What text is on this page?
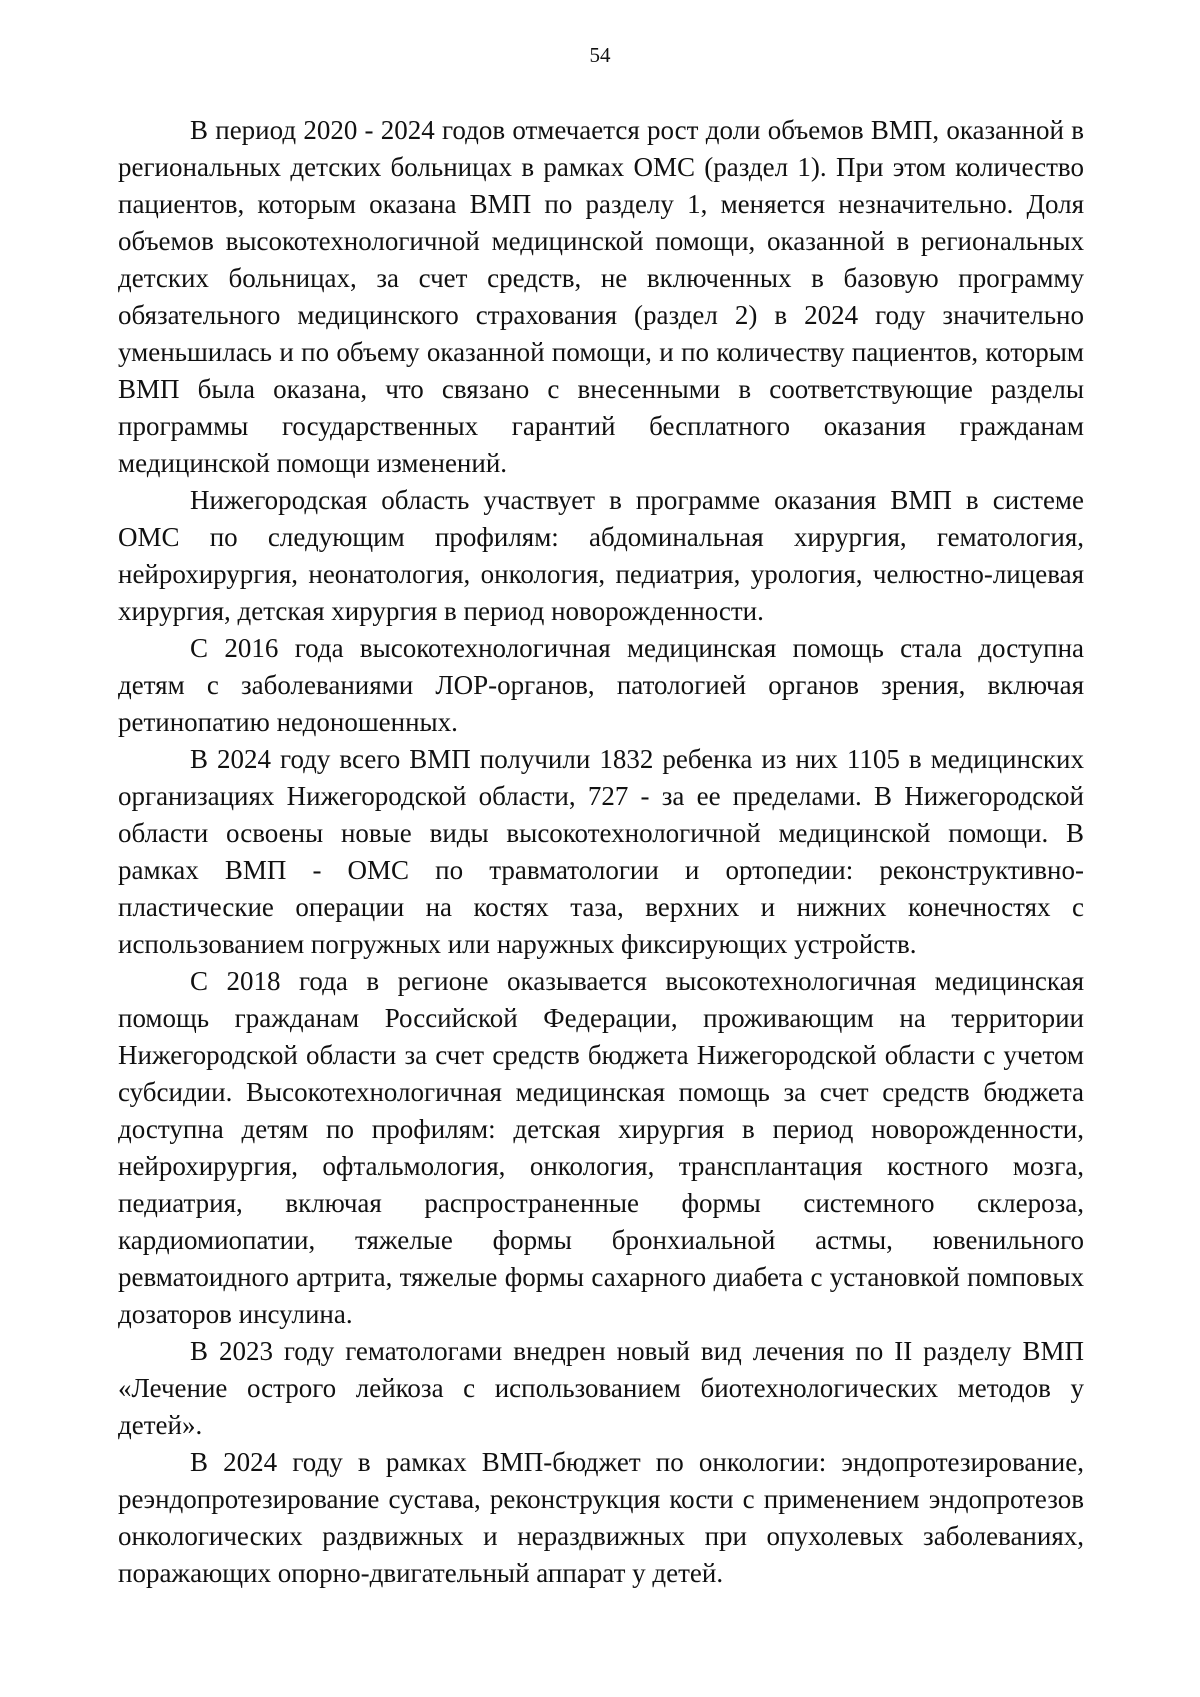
54

В период 2020 - 2024 годов отмечается рост доли объемов ВМП, оказанной в региональных детских больницах в рамках ОМС (раздел 1). При этом количество пациентов, которым оказана ВМП по разделу 1, меняется незначительно. Доля объемов высокотехнологичной медицинской помощи, оказанной в региональных детских больницах, за счет средств, не включенных в базовую программу обязательного медицинского страхования (раздел 2) в 2024 году значительно уменьшилась и по объему оказанной помощи, и по количеству пациентов, которым ВМП была оказана, что связано с внесенными в соответствующие разделы программы государственных гарантий бесплатного оказания гражданам медицинской помощи изменений.

Нижегородская область участвует в программе оказания ВМП в системе ОМС по следующим профилям: абдоминальная хирургия, гематология, нейрохирургия, неонатология, онкология, педиатрия, урология, челюстно-лицевая хирургия, детская хирургия в период новорожденности.

С 2016 года высокотехнологичная медицинская помощь стала доступна детям с заболеваниями ЛОР-органов, патологией органов зрения, включая ретинопатию недоношенных.

В 2024 году всего ВМП получили 1832 ребенка из них 1105 в медицинских организациях Нижегородской области, 727 - за ее пределами. В Нижегородской области освоены новые виды высокотехнологичной медицинской помощи. В рамках ВМП - ОМС по травматологии и ортопедии: реконструктивно-пластические операции на костях таза, верхних и нижних конечностях с использованием погружных или наружных фиксирующих устройств.

С 2018 года в регионе оказывается высокотехнологичная медицинская помощь гражданам Российской Федерации, проживающим на территории Нижегородской области за счет средств бюджета Нижегородской области с учетом субсидии. Высокотехнологичная медицинская помощь за счет средств бюджета доступна детям по профилям: детская хирургия в период новорожденности, нейрохирургия, офтальмология, онкология, трансплантация костного мозга, педиатрия, включая распространенные формы системного склероза, кардиомиопатии, тяжелые формы бронхиальной астмы, ювенильного ревматоидного артрита, тяжелые формы сахарного диабета с установкой помповых дозаторов инсулина.

В 2023 году гематологами внедрен новый вид лечения по II разделу ВМП «Лечение острого лейкоза с использованием биотехнологических методов у детей».

В 2024 году в рамках ВМП-бюджет по онкологии: эндопротезирование, реэндопротезирование сустава, реконструкция кости с применением эндопротезов онкологических раздвижных и нераздвижных при опухолевых заболеваниях, поражающих опорно-двигательный аппарат у детей.
